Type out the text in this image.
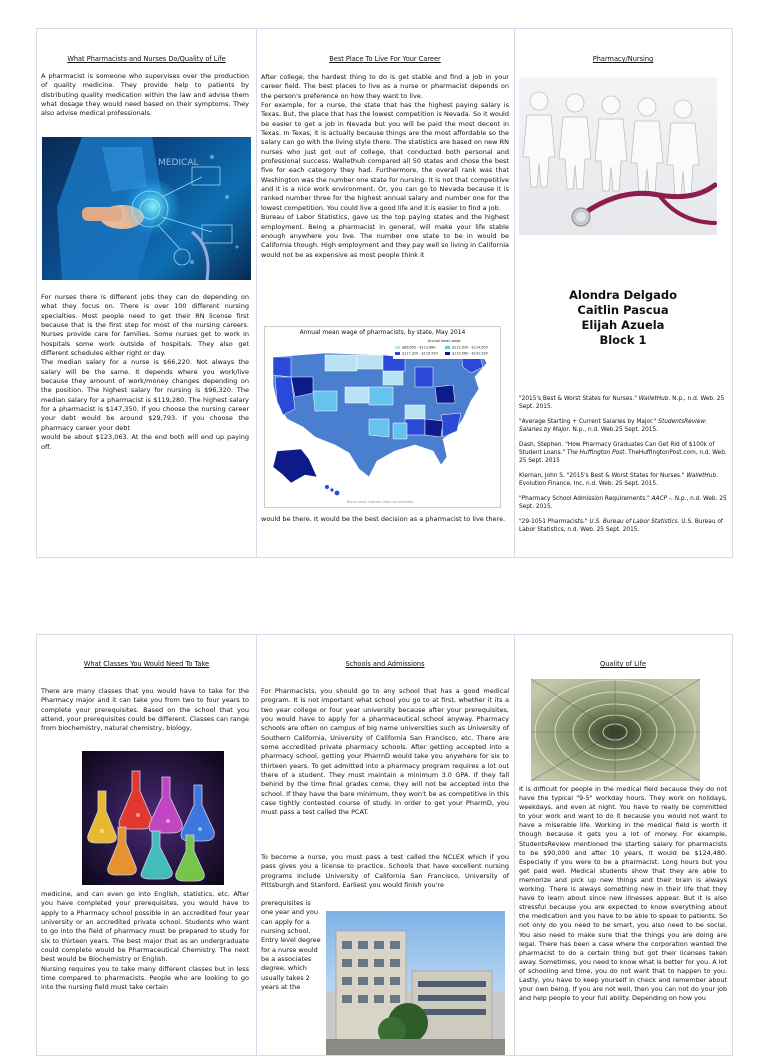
What Pharmacists and Nurses Do/Quality of Life
A pharmacist is someone who supervises over the production of quality medicine. They provide help to patients by distributing quality medication within the law and advise them what dosage they would need based on their symptoms. They also advise medical professionals.
MEDICAL

For nurses there is different jobs they can do depending on what they focus on. There is over 100 different nursing specialties. Most people need to get their RN license first because that is the first step for most of the nursing careers. Nurses provide care for families. Some nurses get to work in hospitals some work outside of hospitals. They also get different schedules either right or day.

The median salary for a nurse is $66,220. Not always the salary will be the same. It depends where you work/live because they amount of work/money changes depending on the position. The highest salary for nursing is $96,320. The median salary for a pharmacist is $119,280. The highest salary for a pharmacist is $147,350. If you choose the nursing career your debt would be around $29,793. If you choose the pharmacy career your debt

would be about $123,063. At the end both will end up paying off.

Best Place To Live For Your Career

After college, the hardest thing to do is get stable and find a job in your career field. The best places to live as a nurse or pharmacist depends on the person's preference on how they want to live.

For example, for a nurse, the state that has the highest paying salary is Texas. But, the place that has the lowest competition is Nevada. So it would be easier to get a job in Nevada but you will be paid the most decent in Texas. In Texas, it is actually because things are the most affordable so the salary can go with the living style there. The statistics are based on new RN nurses who just got out of college, that conducted both personal and professional success. Wallethub compared all 50 states and chose the best five for each category they had. Furthermore, the overall rank was that Washington was the number one state for nursing. It is not that competitive and it is a nice work environment. Or, you can go to Nevada because it is ranked number three for the highest annual salary and number one for the lowest competition. You could live a good life and it is easier to find a job.

Bureau of Labor Statistics, gave us the top paying states and the highest employment. Being a pharmacist in general, will make your life stable enough anywhere you live. The number one state to be in would be California though. High employment and they pay well so living in California would not be as expensive as most people think it

Annual mean wage of pharmacists, by state, May 2014
Annual mean wage
$86,650 - $112,880	$112,920 - $114,500
$117,320 - $119,550	$119,560 - $141,030
Blank areas indicate data not available.
would be there. It would be the best decision as a pharmacist to live there.
Pharmacy/Nursing
Alondra Delgado
Caitlin Pascua
Elijah Azuela
Block 1

"2015's Best & Worst States for Nurses." WalletHub. N.p., n.d. Web. 25 Sept. 2015.

"Average Starting + Current Salaries by Major." StudentsReview: Salaries by Major. N.p., n.d. Web.25 Sept. 2015.

Dash, Stephen. "How Pharmacy Graduates Can Get Rid of $100k of Student Loans." The Huffington Post. TheHuffingtonPost.com, n.d. Web. 25 Sept. 2015

Kiernan, John S. "2015's Best & Worst States for Nurses." WalletHub. Evolution Finance, Inc, n.d. Web. 25 Sept. 2015.

"Pharmacy School Admission Requirements." AACP -. N.p., n.d. Web. 25 Sept. 2015.

"29-1051 Pharmacists." U.S. Bureau of Labor Statistics. U.S. Bureau of Labor Statistics, n.d. Web. 25 Sept. 2015.

What Classes You Would Need To Take
There are many classes that you would have to take for the Pharmacy major and it can take you from two to four years to complete your prerequisites. Based on the school that you attend, your prerequisites could be different. Classes can range from biochemistry, natural chemistry, biology,

medicine, and can even go into English, statistics, etc. After you have completed your prerequisites, you would have to apply to a Pharmacy school possible in an accredited four year university or an accredited private school. Students who want to go into the field of pharmacy must be prepared to study for six to thirteen years. The best major that as an undergraduate could complete would be Pharmaceutical Chemistry. The next best would be Biochemistry or English.

Nursing requires you to take many different classes but in less time compared to pharmacists. People who are looking to go into the nursing field must take certain

Schools and Admissions
For Pharmacists, you should go to any school that has a good medical program. It is not important what school you go to at first, whether it its a two year college or four year university because after your prerequisites, you would have to apply for a pharmaceutical school anyway. Pharmacy schools are often on campus of big name universities such as University of Southern California, University of California San Francisco, etc. There are some accredited private pharmacy schools. After getting accepted into a pharmacy school, getting your PharmD would take you anywhere for six to thirteen years. To get admitted into a pharmacy program requires a lot out there of a student. They must maintain a minimum 3.0 GPA. If they fall behind by the time final grades come, they will not be accepted into the school. If they have the bare minimum, they won't be as competitive in this case tightly contested course of study. In order to get your PharmD, you must pass a test called the PCAT.
To become a nurse, you must pass a test called the NCLEX which if you pass gives you a license to practice. Schools that have excellent nursing programs include University of California San Francisco, University of Pittsburgh and Stanford. Earliest you would finish you're
prerequisites is one year and you can apply for a nursing school. Entry level degree for a nurse would be a associates degree, which usually takes 2 years at the
Quality of Life
It is difficult for people in the medical field because they do not have the typical "9-5" workday hours. They work on holidays, weekdays, and even at night. You have to really be committed to your work and want to do it because you would not want to have a miserable life. Working in the medical field is worth it though because it gets you a lot of money. For example, StudentsReview mentioned the starting salary for pharmacists to be $90,000 and after 10 years, it would be $124,480. Especially if you were to be a pharmacist. Long hours but you get paid well. Medical students show that they are able to memorize and pick up new things and their brain is always working. There is always something new in their life that they have to learn about since new illnesses appear. But it is also stressful because you are expected to know everything about the medication and you have to be able to speak to patients. So not only do you need to be smart, you also need to be social. You also need to make sure that the things you are doing are legal. There has been a case where the corporation wanted the pharmacist to do a certain thing but got their licenses taken away. Sometimes, you need to know what is better for you. A lot of schooling and time, you do not want that to happen to you. Lastly, you have to keep yourself in check and remember about your own being. If you are not well, then you can not do your job and help people to your full ability. Depending on how you
